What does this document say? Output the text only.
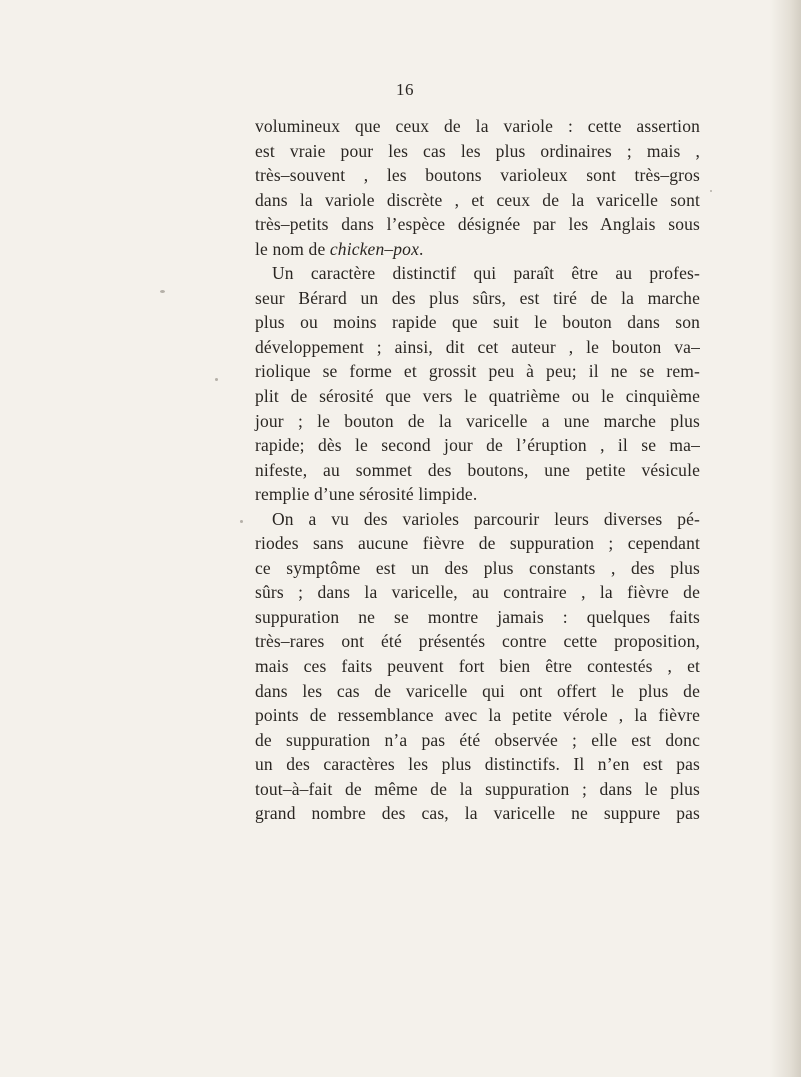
16
volumineux que ceux de la variole : cette assertion
est vraie pour les cas les plus ordinaires ; mais ,
très–souvent , les boutons varioleux sont très–gros
dans la variole discrète , et ceux de la varicelle sont
très–petits dans l’espèce désignée par les Anglais sous
le nom de chicken–pox.
Un caractère distinctif qui paraît être au profes-
seur Bérard un des plus sûrs, est tiré de la marche
plus ou moins rapide que suit le bouton dans son
développement ; ainsi, dit cet auteur , le bouton va–
riolique se forme et grossit peu à peu; il ne se rem-
plit de sérosité que vers le quatrième ou le cinquième
jour ; le bouton de la varicelle a une marche plus
rapide; dès le second jour de l’éruption , il se ma–
nifeste, au sommet des boutons, une petite vésicule
remplie d’une sérosité limpide.
On a vu des varioles parcourir leurs diverses pé-
riodes sans aucune fièvre de suppuration ; cependant
ce symptôme est un des plus constants , des plus
sûrs ; dans la varicelle, au contraire , la fièvre de
suppuration ne se montre jamais : quelques faits
très–rares ont été présentés contre cette proposition,
mais ces faits peuvent fort bien être contestés , et
dans les cas de varicelle qui ont offert le plus de
points de ressemblance avec la petite vérole , la fièvre
de suppuration n’a pas été observée ; elle est donc
un des caractères les plus distinctifs. Il n’en est pas
tout–à–fait de même de la suppuration ; dans le plus
grand nombre des cas, la varicelle ne suppure pas
